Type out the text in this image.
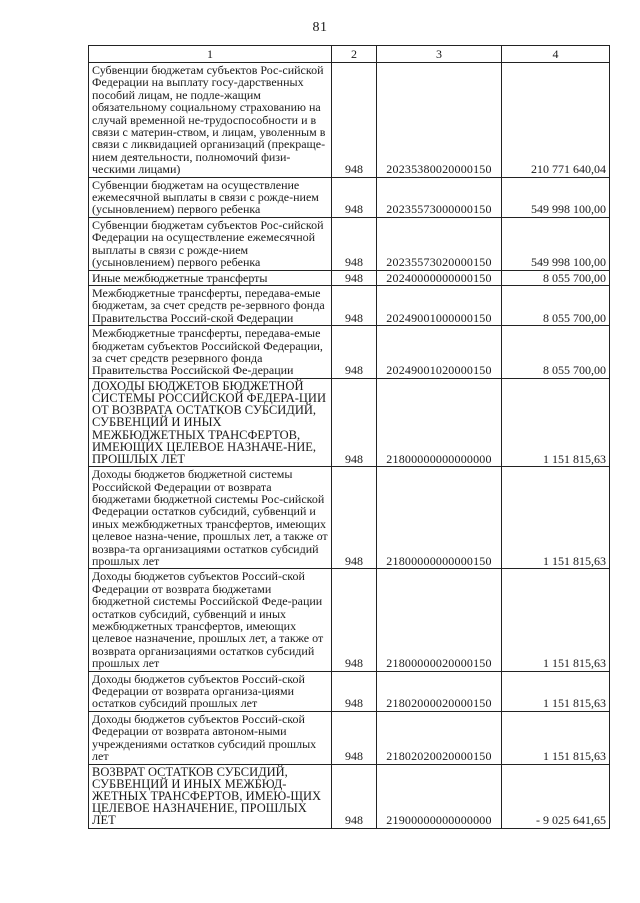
81
1	2	3	4
Субвенции бюджетам субъектов Рос-сийской Федерации на выплату госу-дарственных пособий лицам, не подле-жащим обязательному социальному страхованию на случай временной не-трудоспособности и в связи с материн-ством, и лицам, уволенным в связи с ликвидацией организаций (прекраще-нием деятельности, полномочий физи-ческими лицами)	948	20235380020000150	210 771 640,04
Субвенции бюджетам на осуществление ежемесячной выплаты в связи с рожде-нием (усыновлением) первого ребенка	948	20235573000000150	549 998 100,00
Субвенции бюджетам субъектов Рос-сийской Федерации на осуществление ежемесячной выплаты в связи с рожде-нием (усыновлением) первого ребенка	948	20235573020000150	549 998 100,00
Иные межбюджетные трансферты	948	20240000000000150	8 055 700,00
Межбюджетные трансферты, передава-емые бюджетам, за счет средств ре-зервного фонда Правительства Россий-ской Федерации	948	20249001000000150	8 055 700,00
Межбюджетные трансферты, передава-емые бюджетам субъектов Российской Федерации, за счет средств резервного фонда Правительства Российской Фе-дерации	948	20249001020000150	8 055 700,00
ДОХОДЫ БЮДЖЕТОВ БЮДЖЕТНОЙ СИСТЕМЫ РОССИЙСКОЙ ФЕДЕРА-ЦИИ ОТ ВОЗВРАТА ОСТАТКОВ СУБСИДИЙ, СУБВЕНЦИЙ И ИНЫХ МЕЖБЮДЖЕТНЫХ ТРАНСФЕРТОВ, ИМЕЮЩИХ ЦЕЛЕВОЕ НАЗНАЧЕ-НИЕ, ПРОШЛЫХ ЛЕТ	948	21800000000000000	1 151 815,63
Доходы бюджетов бюджетной системы Российской Федерации от возврата бюджетами бюджетной системы Рос-сийской Федерации остатков субсидий, субвенций и иных межбюджетных трансфертов, имеющих целевое назна-чение, прошлых лет, а также от возвра-та организациями остатков субсидий прошлых лет	948	21800000000000150	1 151 815,63
Доходы бюджетов субъектов Россий-ской Федерации от возврата бюджетами бюджетной системы Российской Феде-рации остатков субсидий, субвенций и иных межбюджетных трансфертов, имеющих целевое назначение, прошлых лет, а также от возврата организациями остатков субсидий прошлых лет	948	21800000020000150	1 151 815,63
Доходы бюджетов субъектов Россий-ской Федерации от возврата организа-циями остатков субсидий прошлых лет	948	21802000020000150	1 151 815,63
Доходы бюджетов субъектов Россий-ской Федерации от возврата автоном-ными учреждениями остатков субсидий прошлых лет	948	21802020020000150	1 151 815,63
ВОЗВРАТ ОСТАТКОВ СУБСИДИЙ, СУБВЕНЦИЙ И ИНЫХ МЕЖБЮД-ЖЕТНЫХ ТРАНСФЕРТОВ, ИМЕЮ-ЩИХ ЦЕЛЕВОЕ НАЗНАЧЕНИЕ, ПРОШЛЫХ ЛЕТ	948	21900000000000000	- 9 025 641,65
